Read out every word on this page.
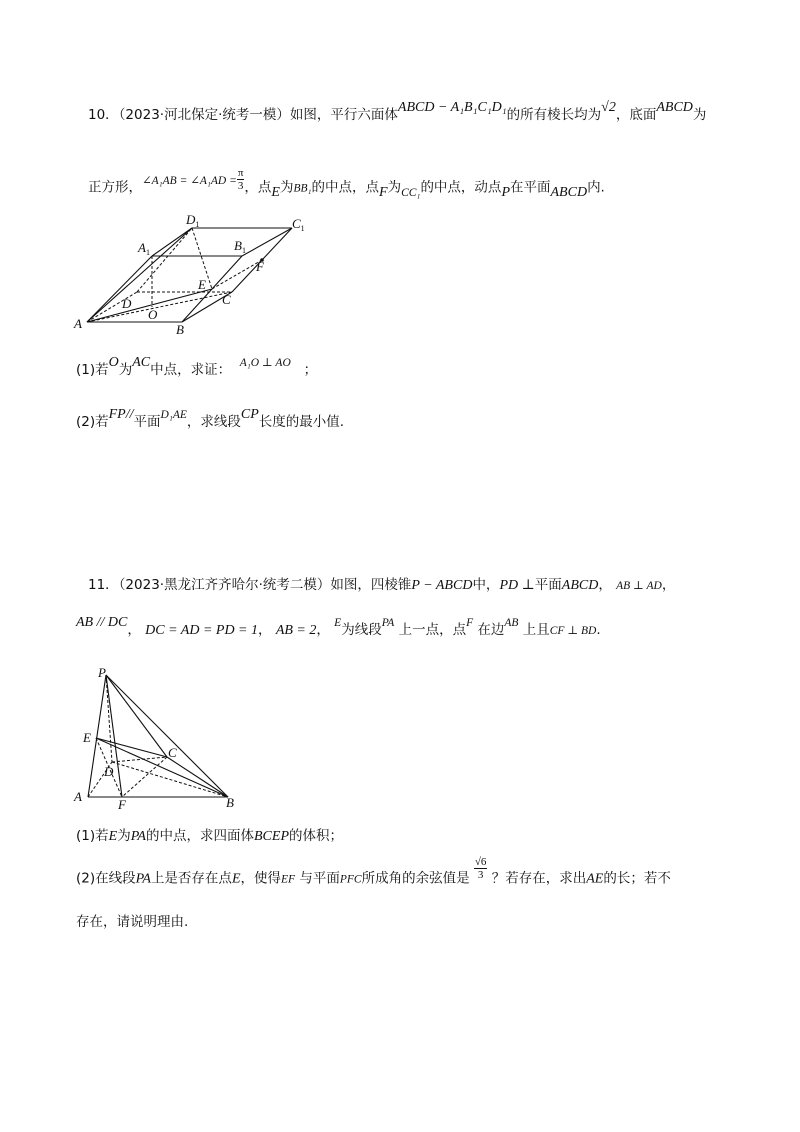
10．（2023·河北保定·统考一模）如图，平行六面体ABCD − A₁B₁C₁D₁的所有棱长均为√2，底面ABCD为
正方形，∠A₁AB = ∠A₁AD = $\frac{\pi}{3}$ ，点E为BB₁的中点，点F为CC₁的中点，动点P在平面ABCD内.
$D_1$	$C_1$
$A_1$	$B_1$
F
E
C
D
O
A	B
(1)若O为AC中点，求证： A₁O ⊥ AO ；
(2)若FP//平面D₁AE，求线段CP长度的最小值.
11．（2023·黑龙江齐齐哈尔·统考二模）如图，四棱锥P − ABCD中，PD ⊥平面ABCD， AB ⊥ AD，
AB // DC， DC = AD = PD = 1， AB = 2， E为线段PA 上一点，点F 在边AB 上且CF ⊥ BD.
P
E
C
D
A
F	B
(1)若E为PA的中点，求四面体BCEP的体积；
(2)在线段PA上是否存在点E，使得EF 与平面PFC所成角的余弦值是 $\frac{√6}{3}$ ？若存在，求出AE的长；若不
存在，请说明理由.
